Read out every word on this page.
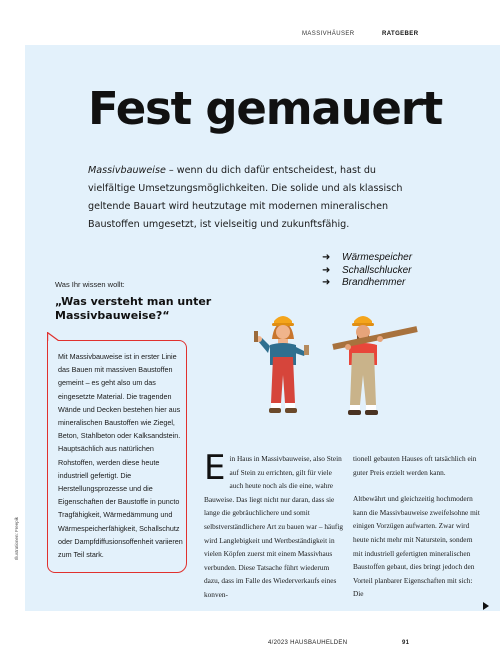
MASSIVHÄUSER	RATGEBER
Fest gemauert

Massivbauweise – wenn du dich dafür entscheidest, hast du vielfältige Umsetzungsmöglichkeiten. Die solide und als klassisch geltende Bauart wird heutzutage mit modernen mineralischen Baustoffen umgesetzt, ist vielseitig und zukunftsfähig.

➜	Wärmespeicher
➜	Schallschlucker
➜	Brandhemmer
Was Ihr wissen wollt:
„Was versteht man unter Massivbauweise?“

Mit Massivbauweise ist in erster Linie das Bauen mit massiven Baustoffen gemeint – es geht also um das eingesetzte Material. Die tragenden Wände und Decken bestehen hier aus mineralischen Baustoffen wie Ziegel, Beton, Stahlbeton oder Kalksandstein. Hauptsächlich aus natürlichen Rohstoffen, werden diese heute industriell gefertigt. Die Herstellungsprozesse und die Eigenschaften der Baustoffe in puncto Tragfähigkeit, Wärmedämmung und Wärmespeicherfähigkeit, Schallschutz oder Dampfdiffusionsoffenheit variieren zum Teil stark.

Illustrationen: Freepik
Ein Haus in Massivbauweise, also Stein auf Stein zu errichten, gilt für viele auch heute noch als die eine, wahre Bauweise. Das liegt nicht nur daran, dass sie lange die gebräuchlichere und somit selbstverständlichere Art zu bauen war – häufig wird Langlebigkeit und Wertbeständigkeit in vielen Köpfen zuerst mit einem Massivhaus verbunden. Diese Tatsache führt wiederum dazu, dass im Falle des Wiederverkaufs eines konven-

tionell gebauten Hauses oft tatsächlich ein guter Preis erzielt werden kann.

Altbewährt und gleichzeitig hochmodern kann die Massivbauweise zweifelsohne mit einigen Vorzügen aufwarten. Zwar wird heute nicht mehr mit Naturstein, sondern mit industriell gefertigten mineralischen Baustoffen gebaut, dies bringt jedoch den Vorteil planbarer Eigenschaften mit sich: Die

4/2023 HAUSBAUHELDEN	91
